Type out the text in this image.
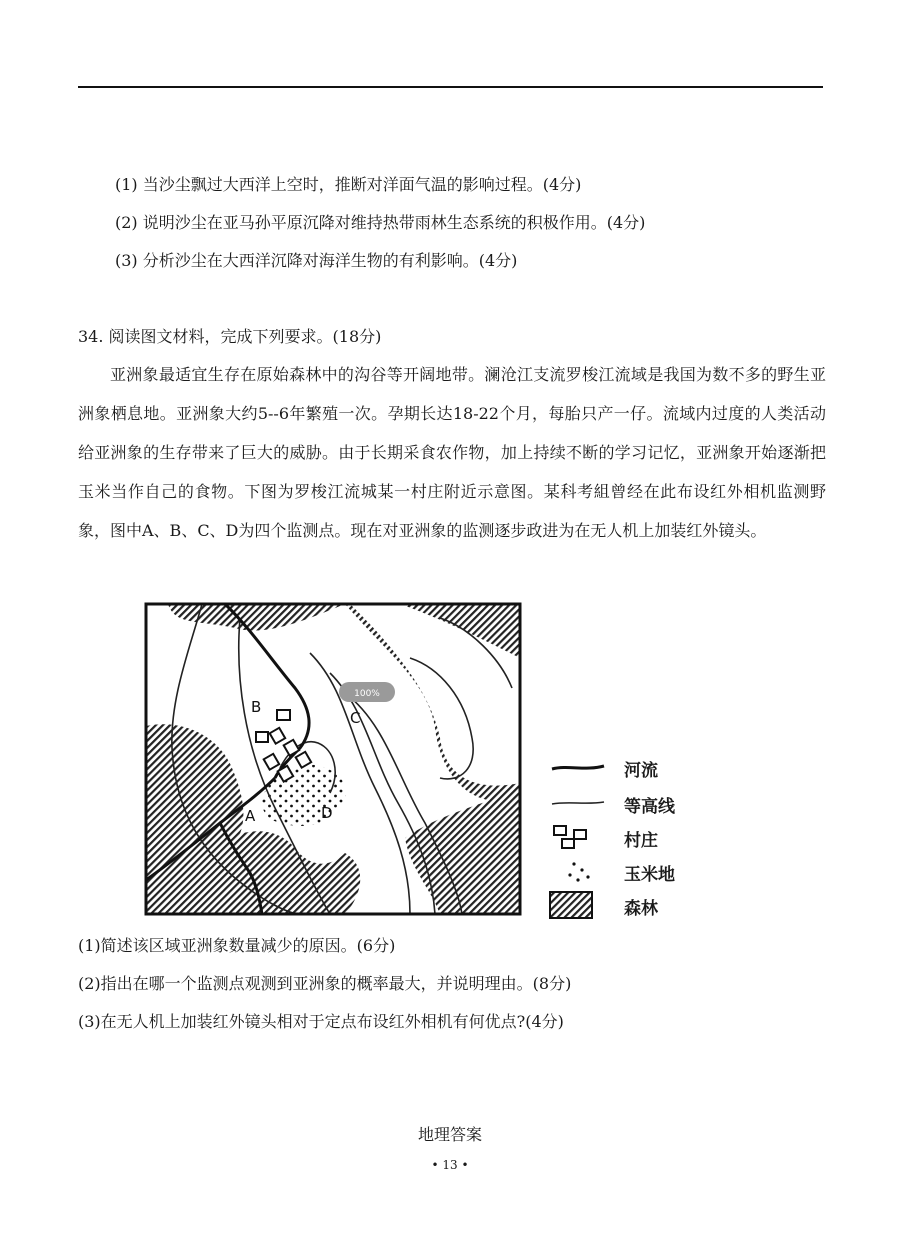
(1) 当沙尘飘过大西洋上空时，推断对洋面气温的影响过程。(4分)
(2) 说明沙尘在亚马孙平原沉降对维持热带雨林生态系统的积极作用。(4分)
(3) 分析沙尘在大西洋沉降对海洋生物的有利影响。(4分)
34. 阅读图文材料，完成下列要求。(18分)
亚洲象最适宜生存在原始森林中的沟谷等开阔地带。澜沧江支流罗梭江流域是我国为数不多的野生亚洲象栖息地。亚洲象大约5--6年繁殖一次。孕期长达18-22个月，每胎只产一仔。流域内过度的人类活动给亚洲象的生存带来了巨大的威胁。由于长期采食农作物，加上持续不断的学习记忆，亚洲象开始逐渐把玉米当作自己的食物。下图为罗梭江流城某一村庄附近示意图。某科考組曾经在此布设红外相机监测野象，图中A、B、C、D为四个监测点。现在对亚洲象的监测逐步政进为在无人机上加装红外镜头。
B
C
A	D
100%
河流
等高线
村庄
玉米地
森林
(1)简述该区域亚洲象数量减少的原因。(6分)
(2)指出在哪一个监测点观测到亚洲象的概率最大，并说明理由。(8分)
(3)在无人机上加装红外镜头相对于定点布设红外相机有何优点?(4分)
地理答案
• 13 •
